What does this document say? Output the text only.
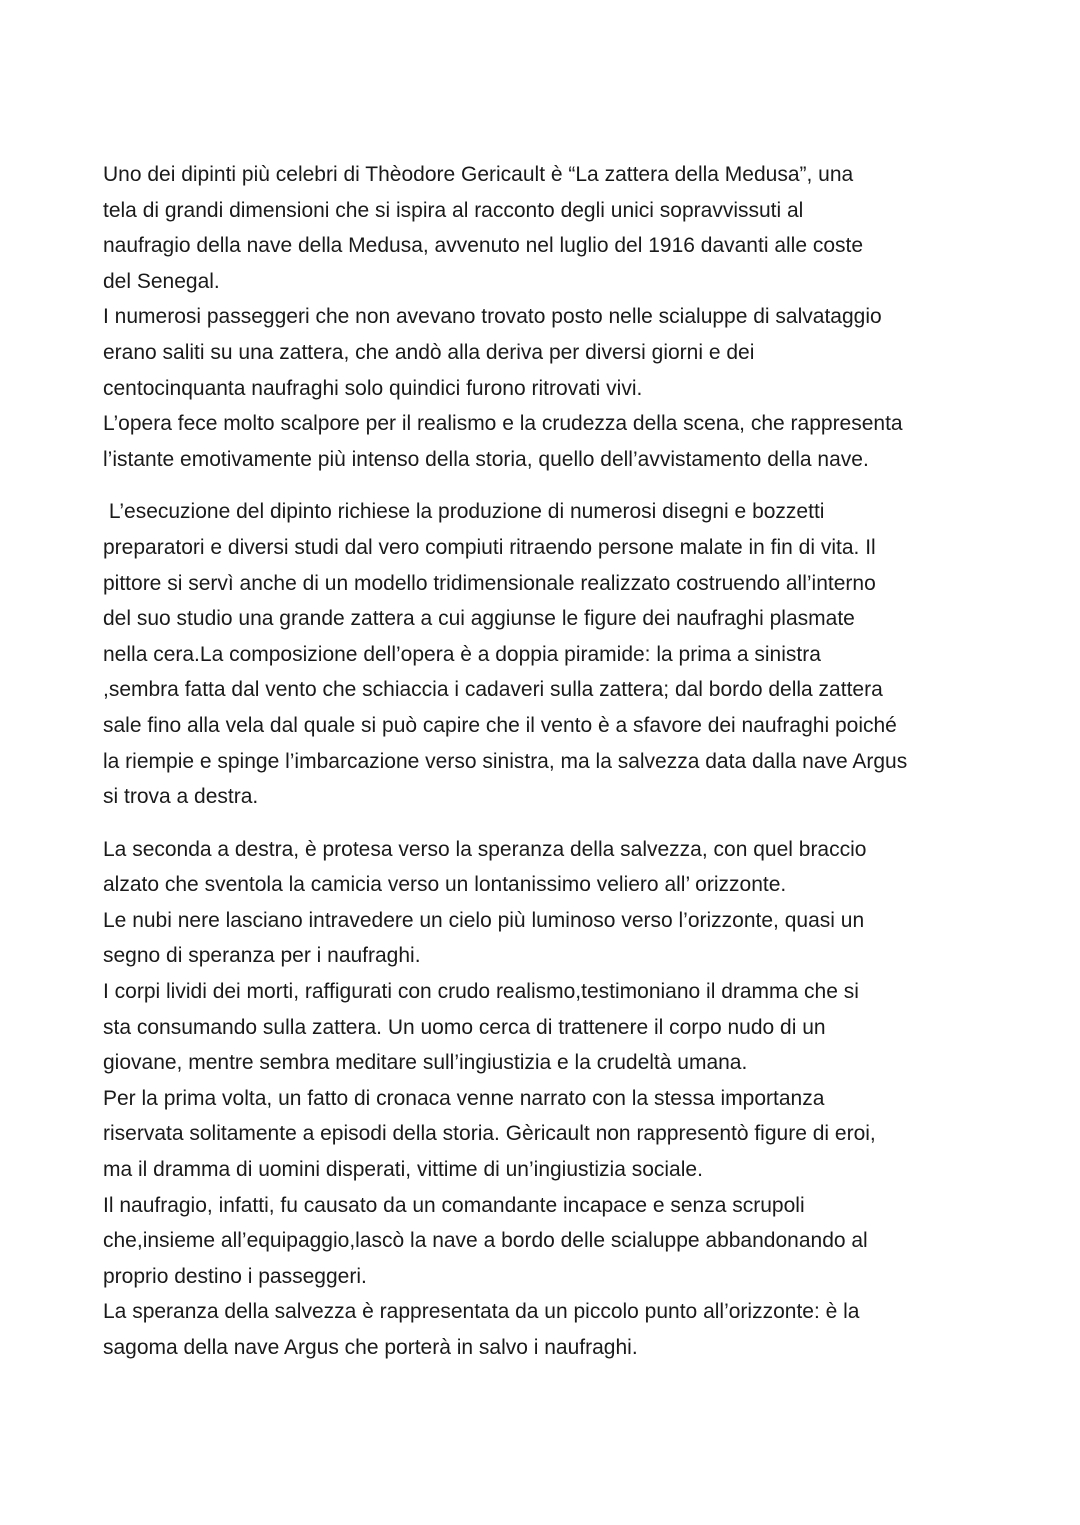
Uno dei dipinti più celebri di Thèodore Gericault è “La zattera della Medusa”, una
tela di grandi dimensioni che si ispira al racconto degli unici sopravvissuti al
naufragio della nave della Medusa, avvenuto nel luglio del 1916 davanti alle coste
del Senegal.
I numerosi passeggeri che non avevano trovato posto nelle scialuppe di salvataggio
erano saliti su una zattera, che andò alla deriva per diversi giorni e dei
centocinquanta naufraghi solo quindici furono ritrovati vivi.
L’opera fece molto scalpore per il realismo e la crudezza della scena, che rappresenta
l’istante emotivamente più intenso della storia, quello dell’avvistamento della nave.
L’esecuzione del dipinto richiese la produzione di numerosi disegni e bozzetti
preparatori e diversi studi dal vero compiuti ritraendo persone malate in fin di vita. Il
pittore si servì anche di un modello tridimensionale realizzato costruendo all’interno
del suo studio una grande zattera a cui aggiunse le figure dei naufraghi plasmate
nella cera.La composizione dell’opera è a doppia piramide: la prima a sinistra
,sembra fatta dal vento che schiaccia i cadaveri sulla zattera; dal bordo della zattera
sale fino alla vela dal quale si può capire che il vento è a sfavore dei naufraghi poiché
la riempie e spinge l’imbarcazione verso sinistra, ma la salvezza data dalla nave Argus
si trova a destra.
La seconda a destra, è protesa verso la speranza della salvezza, con quel braccio
alzato che sventola la camicia verso un lontanissimo veliero all’ orizzonte.
Le nubi nere lasciano intravedere un cielo più luminoso verso l’orizzonte, quasi un
segno di speranza per i naufraghi.
I corpi lividi dei morti, raffigurati con crudo realismo,testimoniano il dramma che si
sta consumando sulla zattera. Un uomo cerca di trattenere il corpo nudo di un
giovane, mentre sembra meditare sull’ingiustizia e la crudeltà umana.
Per la prima volta, un fatto di cronaca venne narrato con la stessa importanza
riservata solitamente a episodi della storia. Gèricault non rappresentò figure di eroi,
ma il dramma di uomini disperati, vittime di un’ingiustizia sociale.
Il naufragio, infatti, fu causato da un comandante incapace e senza scrupoli
che,insieme all’equipaggio,lascò la nave a bordo delle scialuppe abbandonando al
proprio destino i passeggeri.
La speranza della salvezza è rappresentata da un piccolo punto all’orizzonte: è la
sagoma della nave Argus che porterà in salvo i naufraghi.
